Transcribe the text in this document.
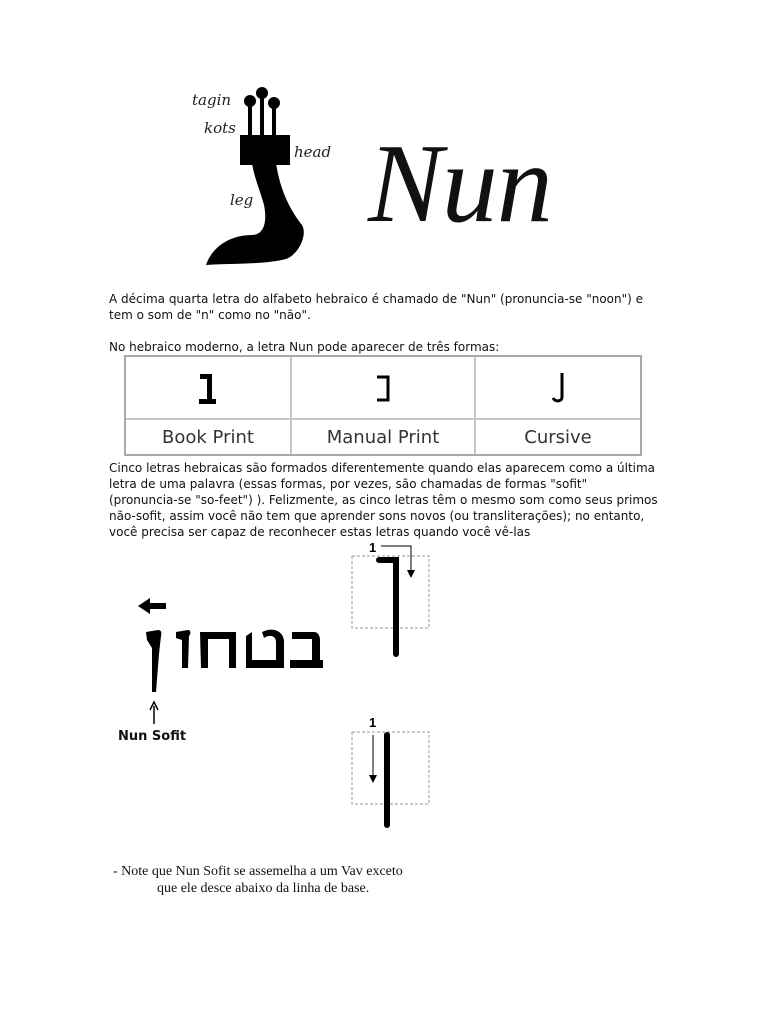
tagin
kots
head
leg Nun

A décima quarta letra do alfabeto hebraico é chamado de "Nun" (pronuncia-se "noon") e tem o som de "n" como no "não".

No hebraico moderno, a letra Nun pode aparecer de três formas:

Book Print	Manual Print	Cursive

Cinco letras hebraicas são formados diferentemente quando elas aparecem como a última letra de uma palavra (essas formas, por vezes, são chamadas de formas "sofit" (pronuncia-se "so-feet") ). Felizmente, as cinco letras têm o mesmo som como seus primos não-sofit, assim você não tem que aprender sons novos (ou transliterações); no entanto, você precisa ser capaz de reconhecer estas letras quando você vê-las

Nun Sofit
1
1
- Note que Nun Sofit se assemelha a um Vav exceto
que ele desce abaixo da linha de base.
